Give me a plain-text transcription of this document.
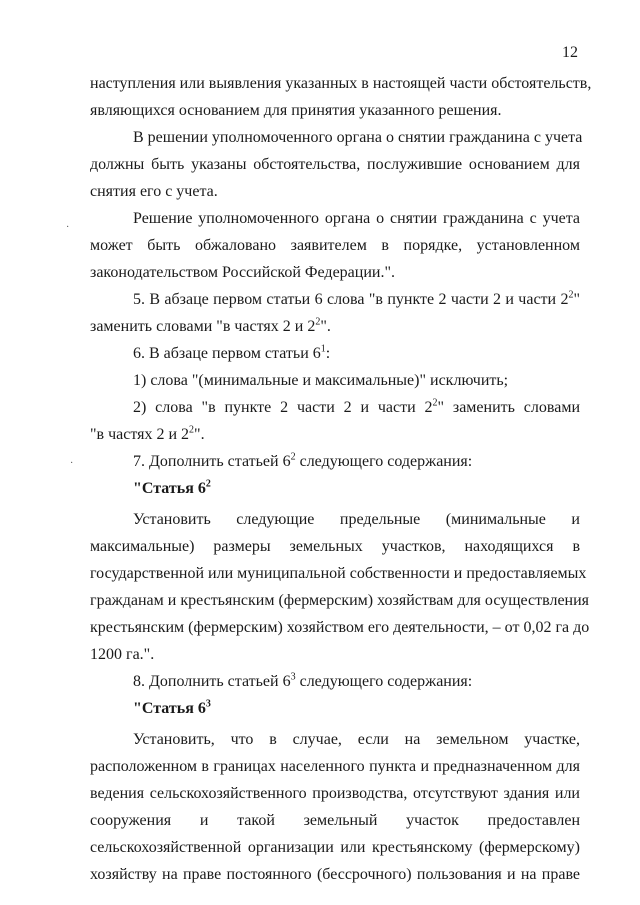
12
наступления или выявления указанных в настоящей части обстоятельств,
являющихся основанием для принятия указанного решения.
В решении уполномоченного органа о снятии гражданина с учета
должны быть указаны обстоятельства, послужившие основанием для
снятия его с учета.
Решение уполномоченного органа о снятии гражданина с учета
может быть обжаловано заявителем в порядке, установленном
законодательством Российской Федерации.".
5. В абзаце первом статьи 6 слова "в пункте 2 части 2 и части $2^2$"
заменить словами "в частях 2 и $2^2$".
6. В абзаце первом статьи $6^1$:
1) слова "(минимальные и максимальные)" исключить;
2) слова "в пункте 2 части 2 и части $2^2$" заменить словами
"в частях 2 и $2^2$".
7. Дополнить статьей $6^2$ следующего содержания:
"Статья $6^2$
Установить следующие предельные (минимальные и
максимальные) размеры земельных участков, находящихся в
государственной или муниципальной собственности и предоставляемых
гражданам и крестьянским (фермерским) хозяйствам для осуществления
крестьянским (фермерским) хозяйством его деятельности, – от 0,02 га до
1200 га.".
8. Дополнить статьей $6^3$ следующего содержания:
"Статья $6^3$
Установить, что в случае, если на земельном участке,
расположенном в границах населенного пункта и предназначенном для
ведения сельскохозяйственного производства, отсутствуют здания или
сооружения и такой земельный участок предоставлен
сельскохозяйственной организации или крестьянскому (фермерскому)
хозяйству на праве постоянного (бессрочного) пользования и на праве
·
·
